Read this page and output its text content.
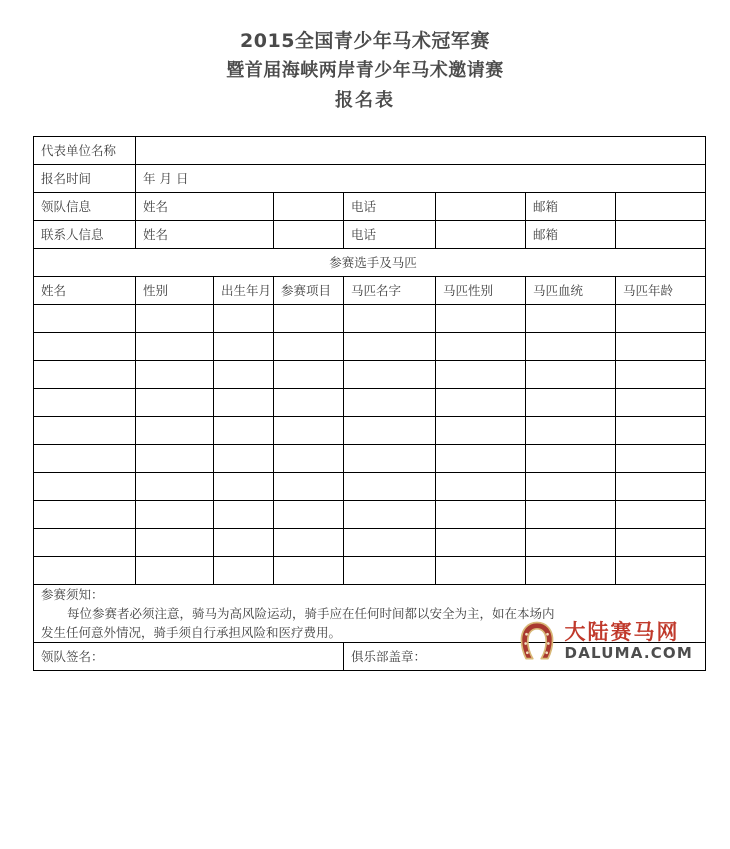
2015全国青少年马术冠军赛
暨首届海峡两岸青少年马术邀请赛
报名表
代表单位名称							
报名时间	年 月 日						
领队信息	姓名			电话		邮箱	
联系人信息	姓名			电话		邮箱	
参赛选手及马匹							
姓名	性别	出生年月	参赛项目	马匹名字	马匹性别	马匹血统	马匹年龄

参赛须知：
每位参赛者必须注意，骑马为高风险运动，骑手应在任何时间都以安全为主，如在本场内
发生任何意外情况，骑手须自行承担风险和医疗费用。							

领队签名：				俱乐部盖章：
大陆赛马网
DALUMA.COM			
